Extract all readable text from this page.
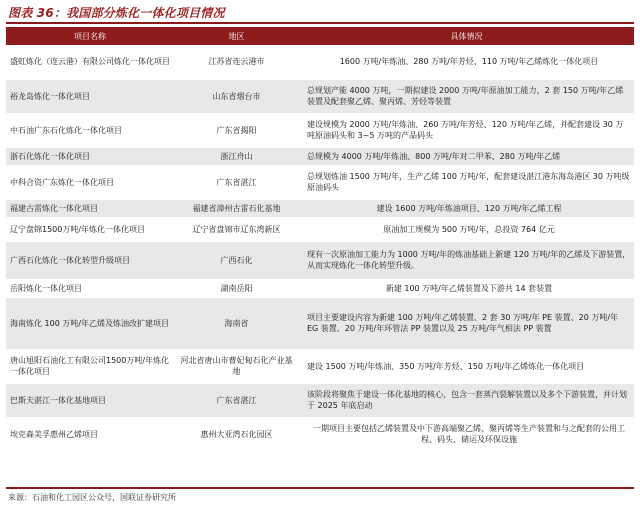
图表 36：我国部分炼化一体化项目情况
项目名称	地区	具体情况
盛虹炼化（连云港）有限公司炼化一体化项目	江苏省连云港市	1600 万吨/年炼油、280 万吨/年芳烃、110 万吨/年乙烯炼化一体化项目
裕龙岛炼化一体化项目	山东省烟台市	总规划产能 4000 万吨，一期拟建设 2000 万吨/年原油加工能力，2 套 150 万吨/年乙烯装置及配套聚乙烯、聚丙烯、芳烃等装置
中石油广东石化炼化一体化项目	广东省揭阳	建设规模为 2000 万吨/年炼油、260 万吨/年芳烃、120 万吨/年乙烯，并配套建设 30 万吨原油码头和 3~5 万吨的产品码头
浙石化炼化一体化项目	浙江舟山	总规模为 4000 万吨/年炼油、800 万吨/年对二甲苯、280 万吨/年乙烯
中科合资广东炼化一体化项目	广东省湛江	总规划炼油 1500 万吨/年，生产乙烯 100 万吨/年，配套建设湛江港东海岛港区 30 万吨级原油码头
福建古雷炼化一体化项目	福建省漳州古雷石化基地	建设 1600 万吨/年炼油项目、120 万吨/年乙烯工程
辽宁盘锦1500万吨/年炼化一体化项目	辽宁省盘锦市辽东湾新区	原油加工规模为 500 万吨/年，总投资 764 亿元
广西石化炼化一体化转型升级项目	广西石化	现有一次原油加工能力为 1000 万吨/年的炼油基础上新建 120 万吨/年的乙烯及下游装置，从而实现炼化一体化转型升级。
岳阳炼化一体化项目	湖南岳阳	新建 100 万吨/年乙烯装置及下游共 14 套装置
海南炼化 100 万吨/年乙烯及炼油改扩建项目	海南省	项目主要建设内容为新建 100 万吨/年乙烯装置、2 套 30 万吨/年 PE 装置、20 万吨/年 EG 装置、20 万吨/年环管法 PP 装置以及 25 万吨/年气相法 PP 装置
唐山旭阳石油化工有限公司1500万吨/年炼化一体化项目	河北省唐山市曹妃甸石化产业基地	建设 1500 万吨/年炼油、350 万吨/年芳烃、150 万吨/年乙烯炼化一体化项目
巴斯夫湛江一体化基地项目	广东省湛江	该阶段将聚焦于建设一体化基地的核心，包含一套蒸汽裂解装置以及多个下游装置，并计划于 2025 年底启动
埃克森美孚惠州乙烯项目	惠州大亚湾石化园区	一期项目主要包括乙烯装置及中下游高端聚乙烯、聚丙烯等生产装置和与之配套的公用工程、码头、储运及环保设施
来源：石油和化工园区公众号，国联证券研究所
